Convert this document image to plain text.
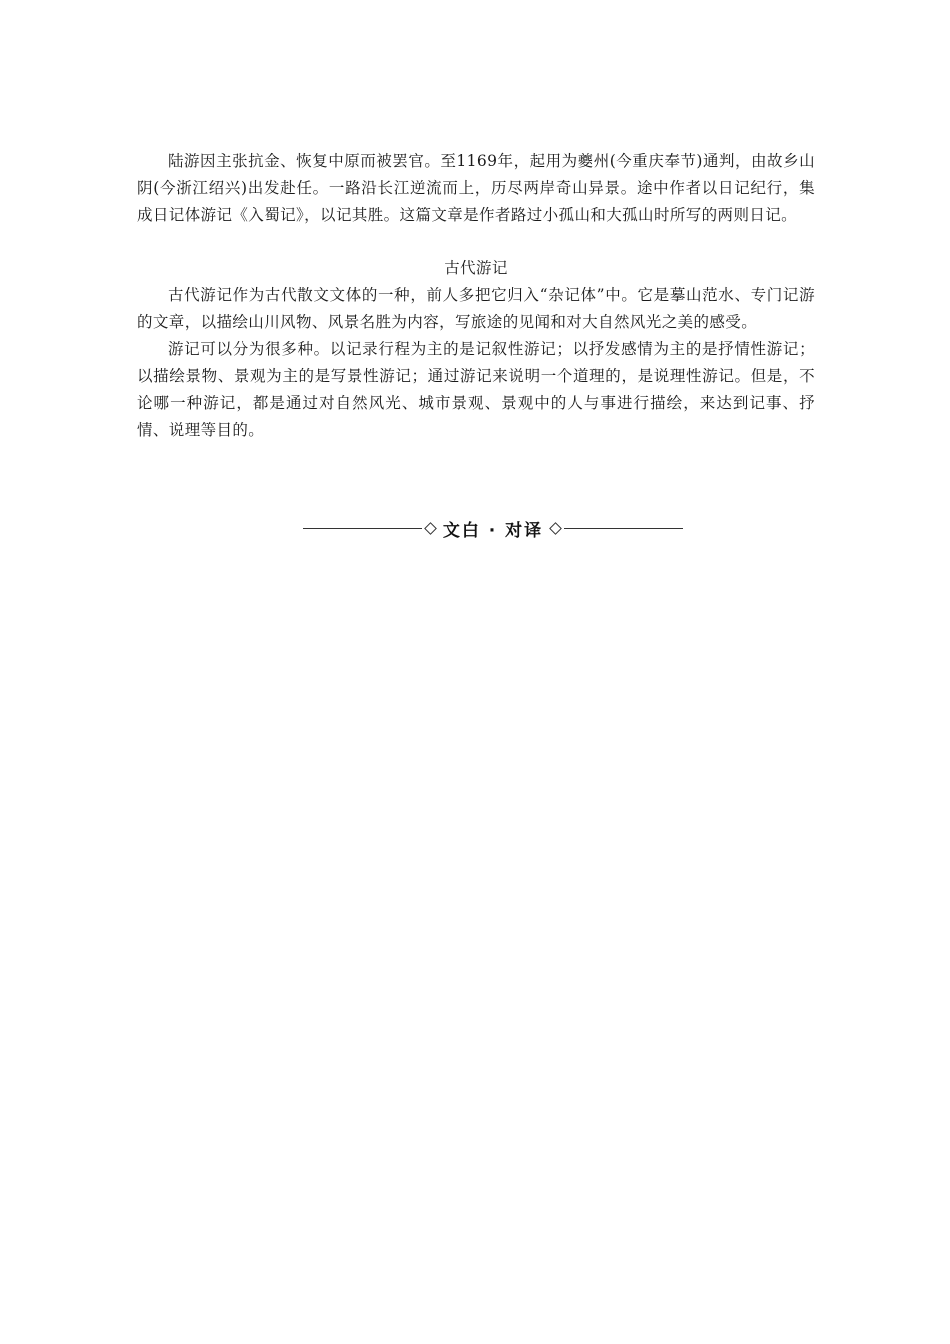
陆游因主张抗金、恢复中原而被罢官。至1169年，起用为夔州(今重庆奉节)通判，由故乡山阴(今浙江绍兴)出发赴任。一路沿长江逆流而上，历尽两岸奇山异景。途中作者以日记纪行，集成日记体游记《入蜀记》，以记其胜。这篇文章是作者路过小孤山和大孤山时所写的两则日记。

古代游记

古代游记作为古代散文文体的一种，前人多把它归入“杂记体”中。它是摹山范水、专门记游的文章，以描绘山川风物、风景名胜为内容，写旅途的见闻和对大自然风光之美的感受。

游记可以分为很多种。以记录行程为主的是记叙性游记；以抒发感情为主的是抒情性游记；以描绘景物、景观为主的是写景性游记；通过游记来说明一个道理的，是说理性游记。但是，不论哪一种游记，都是通过对自然风光、城市景观、景观中的人与事进行描绘，来达到记事、抒情、说理等目的。

文白 · 对译
